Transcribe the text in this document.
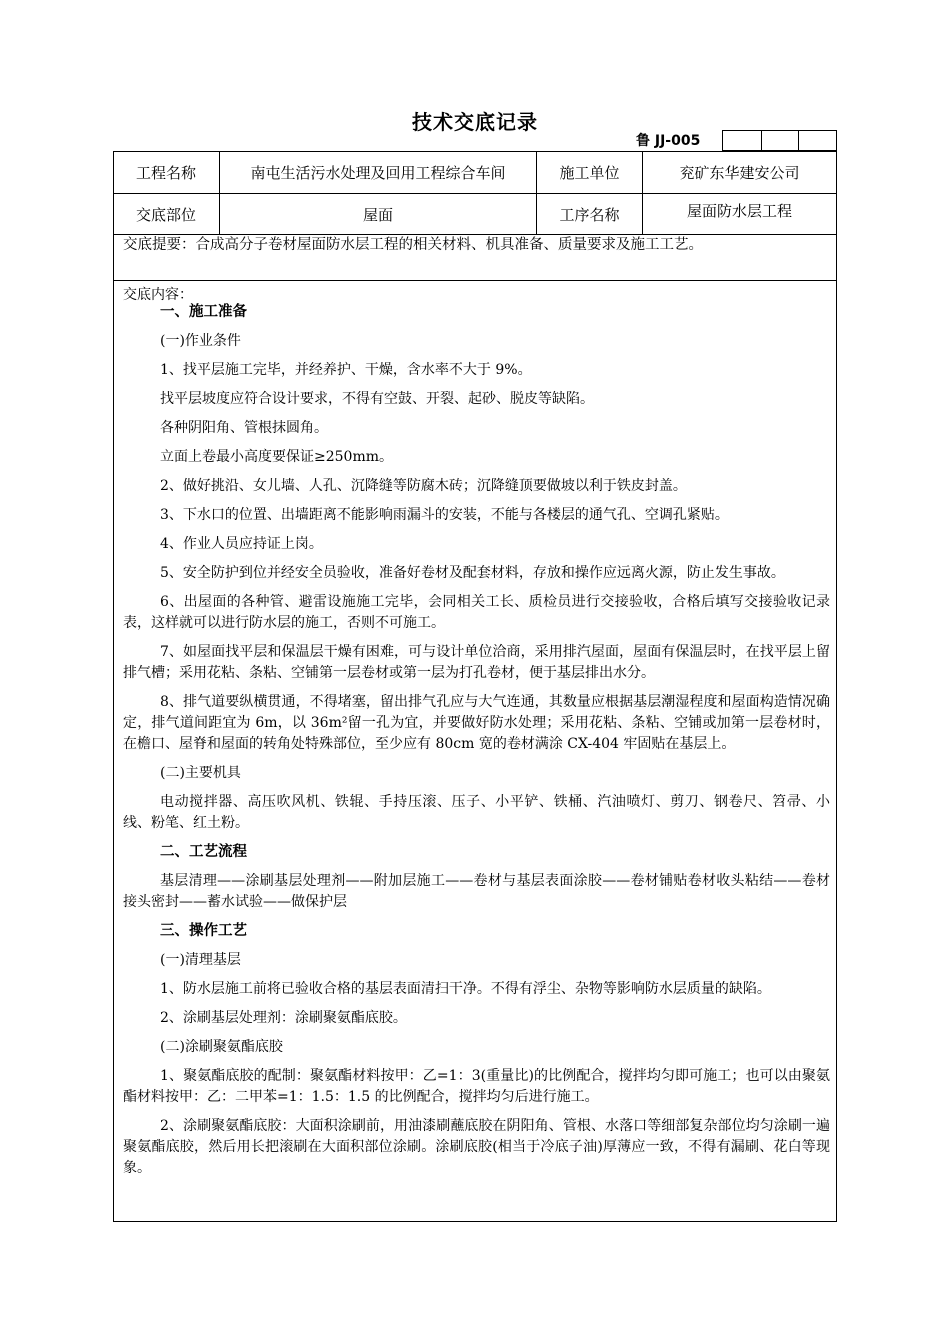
技术交底记录
鲁 JJ-005
工程名称	南屯生活污水处理及回用工程综合车间	施工单位	兖矿东华建安公司
交底部位	屋面	工序名称	屋面防水层工程
交底提要：合成高分子卷材屋面防水层工程的相关材料、机具准备、质量要求及施工工艺。
交底内容：
一、施工准备
(一)作业条件
1、找平层施工完毕，并经养护、干燥，含水率不大于 9%。
找平层坡度应符合设计要求，不得有空鼓、开裂、起砂、脱皮等缺陷。
各种阴阳角、管根抹圆角。
立面上卷最小高度要保证≥250mm。
2、做好挑沿、女儿墙、人孔、沉降缝等防腐木砖；沉降缝顶要做坡以利于铁皮封盖。
3、下水口的位置、出墙距离不能影响雨漏斗的安装，不能与各楼层的通气孔、空调孔紧贴。
4、作业人员应持证上岗。
5、安全防护到位并经安全员验收，准备好卷材及配套材料，存放和操作应远离火源，防止发生事故。
6、出屋面的各种管、避雷设施施工完毕，会同相关工长、质检员进行交接验收，合格后填写交接验收记录表，这样就可以进行防水层的施工，否则不可施工。
7、如屋面找平层和保温层干燥有困难，可与设计单位洽商，采用排汽屋面，屋面有保温层时，在找平层上留排气槽；采用花粘、条粘、空铺第一层卷材或第一层为打孔卷材，便于基层排出水分。
8、排气道要纵横贯通，不得堵塞，留出排气孔应与大气连通，其数量应根据基层潮湿程度和屋面构造情况确定，排气道间距宜为 6m，以 36m²留一孔为宜，并要做好防水处理；采用花粘、条粘、空铺或加第一层卷材时，在檐口、屋脊和屋面的转角处特殊部位，至少应有 80cm 宽的卷材满涂 CX-404 牢固贴在基层上。
(二)主要机具
电动搅拌器、高压吹风机、铁辊、手持压滚、压子、小平铲、铁桶、汽油喷灯、剪刀、钢卷尺、笤帚、小线、粉笔、红土粉。
二、工艺流程
基层清理——涂刷基层处理剂——附加层施工——卷材与基层表面涂胶——卷材铺贴卷材收头粘结——卷材接头密封——蓄水试验——做保护层
三、操作工艺
(一)清理基层
1、防水层施工前将已验收合格的基层表面清扫干净。不得有浮尘、杂物等影响防水层质量的缺陷。
2、涂刷基层处理剂：涂刷聚氨酯底胶。
(二)涂刷聚氨酯底胶
1、聚氨酯底胶的配制：聚氨酯材料按甲：乙=1：3(重量比)的比例配合，搅拌均匀即可施工；也可以由聚氨酯材料按甲：乙：二甲苯=1：1.5：1.5 的比例配合，搅拌均匀后进行施工。
2、涂刷聚氨酯底胶：大面积涂刷前，用油漆刷蘸底胶在阴阳角、管根、水落口等细部复杂部位均匀涂刷一遍聚氨酯底胶，然后用长把滚刷在大面积部位涂刷。涂刷底胶(相当于冷底子油)厚薄应一致，不得有漏刷、花白等现象。
